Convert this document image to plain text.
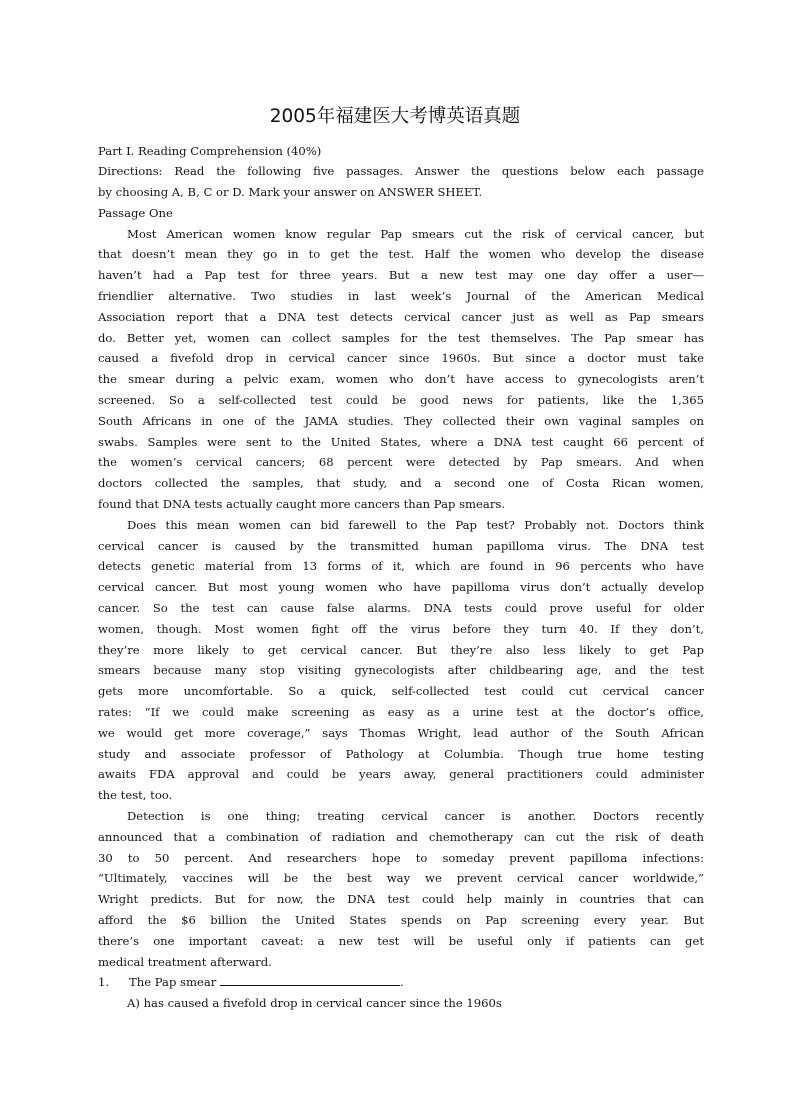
2005年福建医大考博英语真题
Part I. Reading Comprehension (40%)
Directions: Read the following five passages. Answer the questions below each passage
by choosing A, B, C or D. Mark your answer on ANSWER SHEET.
Passage One
Most American women know regular Pap smears cut the risk of cervical cancer, but
that doesn’t mean they go in to get the test. Half the women who develop the disease
haven’t had a Pap test for three years. But a new test may one day offer a user—
friendlier alternative. Two studies in last week’s Journal of the American Medical
Association report that a DNA test detects cervical cancer just as well as Pap smears
do. Better yet, women can collect samples for the test themselves. The Pap smear has
caused a fivefold drop in cervical cancer since 1960s. But since a doctor must take
the smear during a pelvic exam, women who don’t have access to gynecologists aren’t
screened. So a self-collected test could be good news for patients, like the 1,365
South Africans in one of the JAMA studies. They collected their own vaginal samples on
swabs. Samples were sent to the United States, where a DNA test caught 66 percent of
the women’s cervical cancers; 68 percent were detected by Pap smears. And when
doctors collected the samples, that study, and a second one of Costa Rican women,
found that DNA tests actually caught more cancers than Pap smears.
Does this mean women can bid farewell to the Pap test? Probably not. Doctors think
cervical cancer is caused by the transmitted human papilloma virus. The DNA test
detects genetic material from 13 forms of it, which are found in 96 percents who have
cervical cancer. But most young women who have papilloma virus don’t actually develop
cancer. So the test can cause false alarms. DNA tests could prove useful for older
women, though. Most women fight off the virus before they turn 40. If they don’t,
they’re more likely to get cervical cancer. But they’re also less likely to get Pap
smears because many stop visiting gynecologists after childbearing age, and the test
gets more uncomfortable. So a quick, self-collected test could cut cervical cancer
rates: “If we could make screening as easy as a urine test at the doctor’s office,
we would get more coverage,” says Thomas Wright, lead author of the South African
study and associate professor of Pathology at Columbia. Though true home testing
awaits FDA approval and could be years away, general practitioners could administer
the test, too.
Detection is one thing; treating cervical cancer is another. Doctors recently
announced that a combination of radiation and chemotherapy can cut the risk of death
30 to 50 percent. And researchers hope to someday prevent papilloma infections:
“Ultimately, vaccines will be the best way we prevent cervical cancer worldwide,”
Wright predicts. But for now, the DNA test could help mainly in countries that can
afford the $6 billion the United States spends on Pap screening every year. But
there’s one important caveat: a new test will be useful only if patients can get
medical treatment afterward.
1. The Pap smear	.
A) has caused a fivefold drop in cervical cancer since the 1960s
